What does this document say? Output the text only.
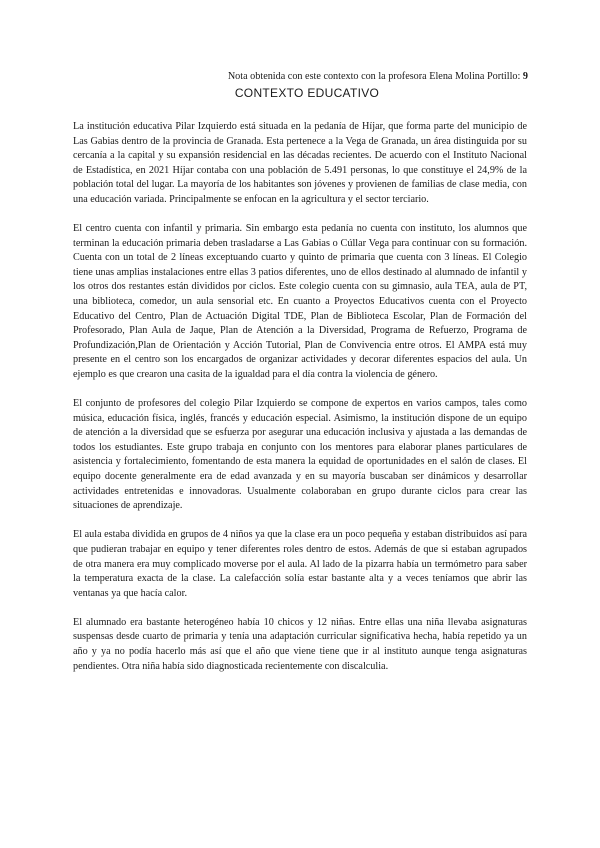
Nota obtenida con este contexto con la profesora Elena Molina Portillo: 9
CONTEXTO EDUCATIVO

La institución educativa Pilar Izquierdo está situada en la pedanía de Híjar, que forma parte del municipio de Las Gabias dentro de la provincia de Granada. Esta pertenece a la Vega de Granada, un área distinguida por su cercanía a la capital y su expansión residencial en las décadas recientes. De acuerdo con el Instituto Nacional de Estadística, en 2021 Híjar contaba con una población de 5.491 personas, lo que constituye el 24,9% de la población total del lugar. La mayoría de los habitantes son jóvenes y provienen de familias de clase media, con una educación variada. Principalmente se enfocan en la agricultura y el sector terciario.

El centro cuenta con infantil y primaria. Sin embargo esta pedanía no cuenta con instituto, los alumnos que terminan la educación primaria deben trasladarse a Las Gabias o Cúllar Vega para continuar con su formación. Cuenta con un total de 2 líneas exceptuando cuarto y quinto de primaria que cuenta con 3 líneas. El Colegio tiene unas amplias instalaciones entre ellas 3 patios diferentes, uno de ellos destinado al alumnado de infantil y los otros dos restantes están divididos por ciclos. Este colegio cuenta con su gimnasio, aula TEA, aula de PT, una biblioteca, comedor, un aula sensorial etc. En cuanto a Proyectos Educativos cuenta con el Proyecto Educativo del Centro, Plan de Actuación Digital TDE, Plan de Biblioteca Escolar, Plan de Formación del Profesorado, Plan Aula de Jaque, Plan de Atención a la Diversidad, Programa de Refuerzo, Programa de Profundización,Plan de Orientación y Acción Tutorial, Plan de Convivencia entre otros. El AMPA está muy presente en el centro son los encargados de organizar actividades y decorar diferentes espacios del aula. Un ejemplo es que crearon una casita de la igualdad para el día contra la violencia de género.

El conjunto de profesores del colegio Pilar Izquierdo se compone de expertos en varios campos, tales como música, educación física, inglés, francés y educación especial. Asimismo, la institución dispone de un equipo de atención a la diversidad que se esfuerza por asegurar una educación inclusiva y ajustada a las demandas de todos los estudiantes. Este grupo trabaja en conjunto con los mentores para elaborar planes particulares de asistencia y fortalecimiento, fomentando de esta manera la equidad de oportunidades en el salón de clases. El equipo docente generalmente era de edad avanzada y en su mayoría buscaban ser dinámicos y desarrollar actividades entretenidas e innovadoras. Usualmente colaboraban en grupo durante ciclos para crear las situaciones de aprendizaje.

El aula estaba dividida en grupos de 4 niños ya que la clase era un poco pequeña y estaban distribuidos así para que pudieran trabajar en equipo y tener diferentes roles dentro de estos. Además de que si estaban agrupados de otra manera era muy complicado moverse por el aula. Al lado de la pizarra había un termómetro para saber la temperatura exacta de la clase. La calefacción solía estar bastante alta y a veces teníamos que abrir las ventanas ya que hacía calor.

El alumnado era bastante heterogéneo había 10 chicos y 12 niñas. Entre ellas una niña llevaba asignaturas suspensas desde cuarto de primaria y tenía una adaptación curricular significativa hecha, había repetido ya un año y ya no podía hacerlo más así que el año que viene tiene que ir al instituto aunque tenga asignaturas pendientes. Otra niña había sido diagnosticada recientemente con discalculia.
